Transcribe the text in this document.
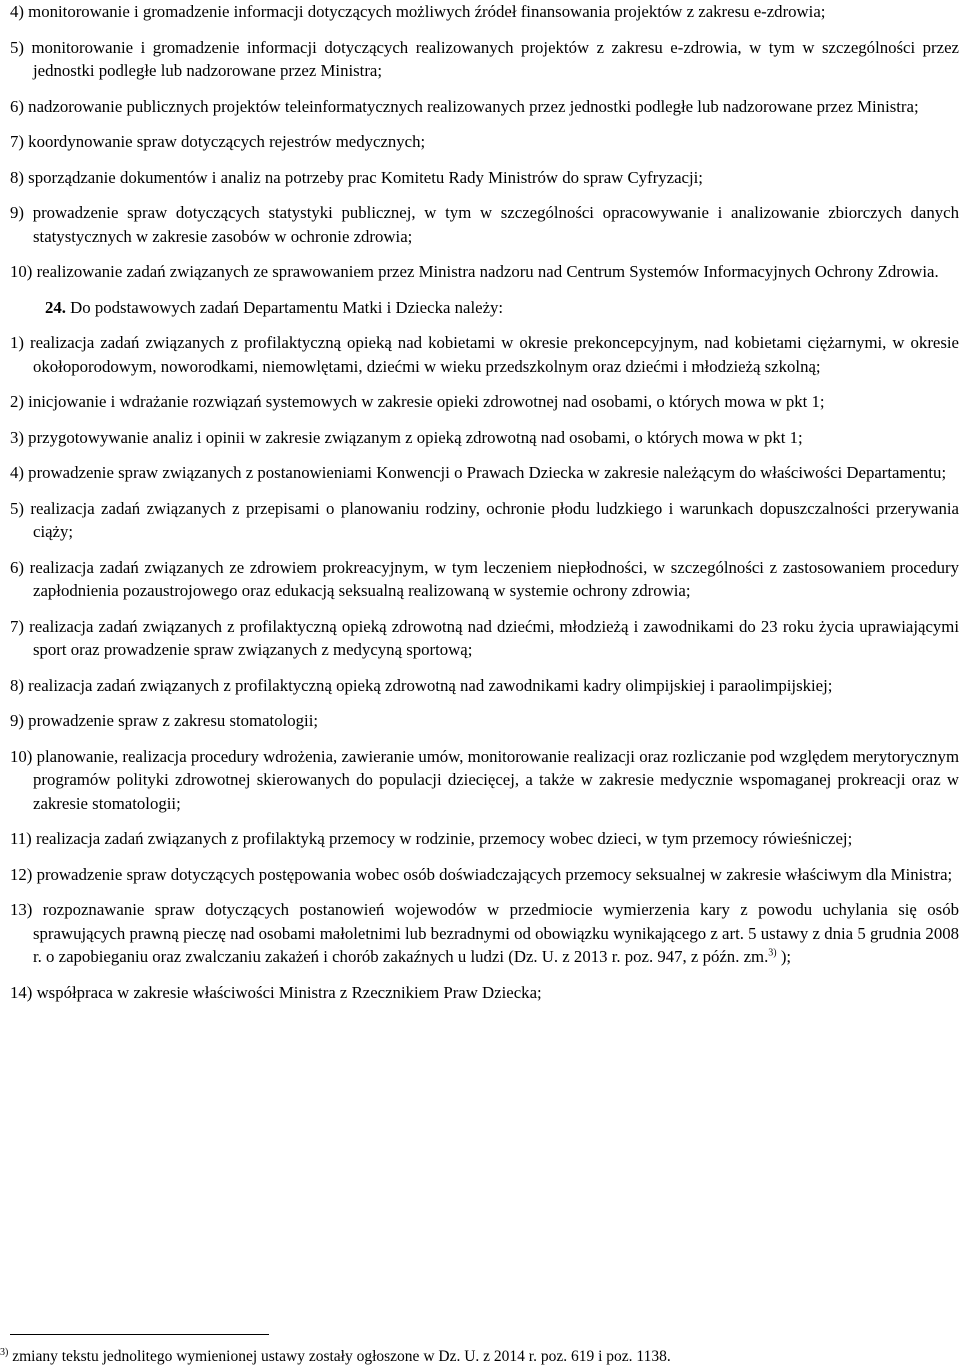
4) monitorowanie i gromadzenie informacji dotyczących możliwych źródeł finansowania projektów z zakresu e-zdrowia;

5) monitorowanie i gromadzenie informacji dotyczących realizowanych projektów z zakresu e-zdrowia, w tym w szczególności przez jednostki podległe lub nadzorowane przez Ministra;

6) nadzorowanie publicznych projektów teleinformatycznych realizowanych przez jednostki podległe lub nadzorowane przez Ministra;

7) koordynowanie spraw dotyczących rejestrów medycznych;

8) sporządzanie dokumentów i analiz na potrzeby prac Komitetu Rady Ministrów do spraw Cyfryzacji;

9) prowadzenie spraw dotyczących statystyki publicznej, w tym w szczególności opracowywanie i analizowanie zbiorczych danych statystycznych w zakresie zasobów w ochronie zdrowia;

10) realizowanie zadań związanych ze sprawowaniem przez Ministra nadzoru nad Centrum Systemów Informacyjnych Ochrony Zdrowia.

24. Do podstawowych zadań Departamentu Matki i Dziecka należy:

1) realizacja zadań związanych z profilaktyczną opieką nad kobietami w okresie prekoncepcyjnym, nad kobietami ciężarnymi, w okresie okołoporodowym, noworodkami, niemowlętami, dziećmi w wieku przedszkolnym oraz dziećmi i młodzieżą szkolną;

2) inicjowanie i wdrażanie rozwiązań systemowych w zakresie opieki zdrowotnej nad osobami, o których mowa w pkt 1;

3) przygotowywanie analiz i opinii w zakresie związanym z opieką zdrowotną nad osobami, o których mowa w pkt 1;

4) prowadzenie spraw związanych z postanowieniami Konwencji o Prawach Dziecka w zakresie należącym do właściwości Departamentu;

5) realizacja zadań związanych z przepisami o planowaniu rodziny, ochronie płodu ludzkiego i warunkach dopuszczalności przerywania ciąży;

6) realizacja zadań związanych ze zdrowiem prokreacyjnym, w tym leczeniem niepłodności, w szczególności z zastosowaniem procedury zapłodnienia pozaustrojowego oraz edukacją seksualną realizowaną w systemie ochrony zdrowia;

7) realizacja zadań związanych z profilaktyczną opieką zdrowotną nad dziećmi, młodzieżą i zawodnikami do 23 roku życia uprawiającymi sport oraz prowadzenie spraw związanych z medycyną sportową;

8) realizacja zadań związanych z profilaktyczną opieką zdrowotną nad zawodnikami kadry olimpijskiej i paraolimpijskiej;

9) prowadzenie spraw z zakresu stomatologii;

10) planowanie, realizacja procedury wdrożenia, zawieranie umów, monitorowanie realizacji oraz rozliczanie pod względem merytorycznym programów polityki zdrowotnej skierowanych do populacji dziecięcej, a także w zakresie medycznie wspomaganej prokreacji oraz w zakresie stomatologii;

11) realizacja zadań związanych z profilaktyką przemocy w rodzinie, przemocy wobec dzieci, w tym przemocy rówieśniczej;

12) prowadzenie spraw dotyczących postępowania wobec osób doświadczających przemocy seksualnej w zakresie właściwym dla Ministra;

13) rozpoznawanie spraw dotyczących postanowień wojewodów w przedmiocie wymierzenia kary z powodu uchylania się osób sprawujących prawną pieczę nad osobami małoletnimi lub bezradnymi od obowiązku wynikającego z art. 5 ustawy z dnia 5 grudnia 2008 r. o zapobieganiu oraz zwalczaniu zakażeń i chorób zakaźnych u ludzi (Dz. U. z 2013 r. poz. 947, z późn. zm.$^{3)}$ );

14) współpraca w zakresie właściwości Ministra z Rzecznikiem Praw Dziecka;

$^{3)}$ zmiany tekstu jednolitego wymienionej ustawy zostały ogłoszone w Dz. U. z 2014 r. poz. 619 i poz. 1138.
